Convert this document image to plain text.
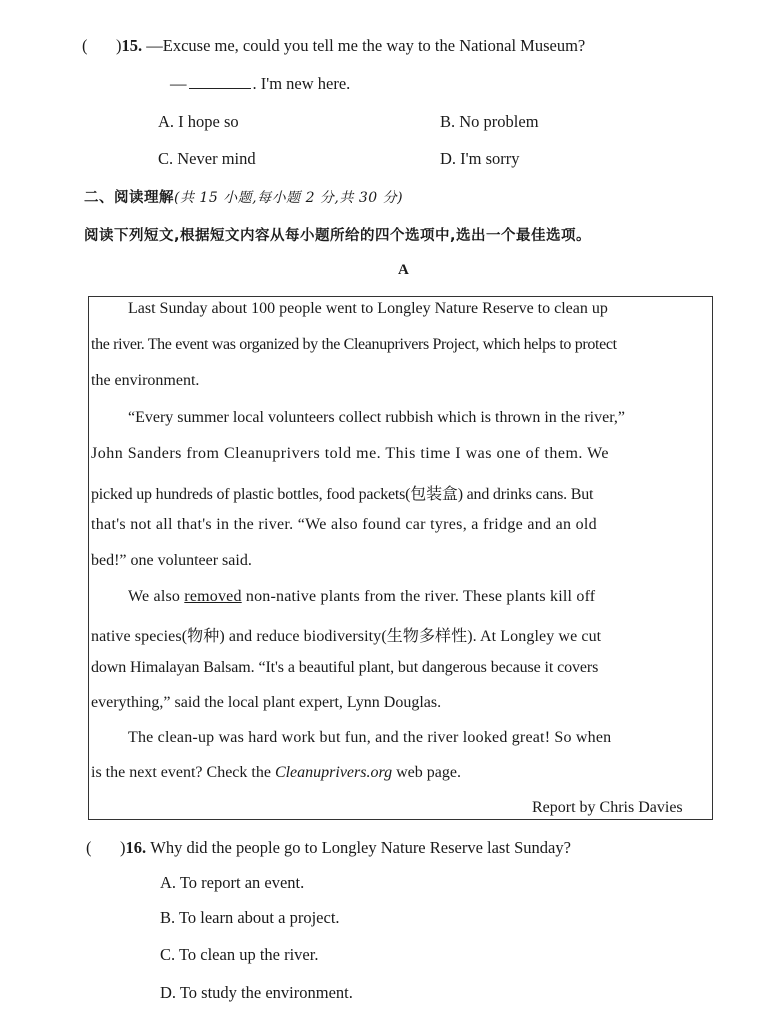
( )15. —Excuse me, could you tell me the way to the National Museum?
—	. I'm new here.
A. I hope so	B. No problem
C. Never mind	D. I'm sorry
二、阅读理解(共 15 小题,每小题 2 分,共 30 分)
阅读下列短文,根据短文内容从每小题所给的四个选项中,选出一个最佳选项。
A
Last Sunday about 100 people went to Longley Nature Reserve to clean up
the river. The event was organized by the Cleanuprivers Project, which helps to protect
the environment.
“Every summer local volunteers collect rubbish which is thrown in the river,”
John Sanders from Cleanuprivers told me. This time I was one of them. We
picked up hundreds of plastic bottles, food packets(包装盒) and drinks cans. But
that's not all that's in the river. “We also found car tyres, a fridge and an old
bed!” one volunteer said.
We also removed non-native plants from the river. These plants kill off
native species(物种) and reduce biodiversity(生物多样性). At Longley we cut
down Himalayan Balsam. “It's a beautiful plant, but dangerous because it covers
everything,” said the local plant expert, Lynn Douglas.
The clean-up was hard work but fun, and the river looked great! So when
is the next event? Check the Cleanuprivers.org web page.
Report by Chris Davies
( )16. Why did the people go to Longley Nature Reserve last Sunday?
A. To report an event.
B. To learn about a project.
C. To clean up the river.
D. To study the environment.
